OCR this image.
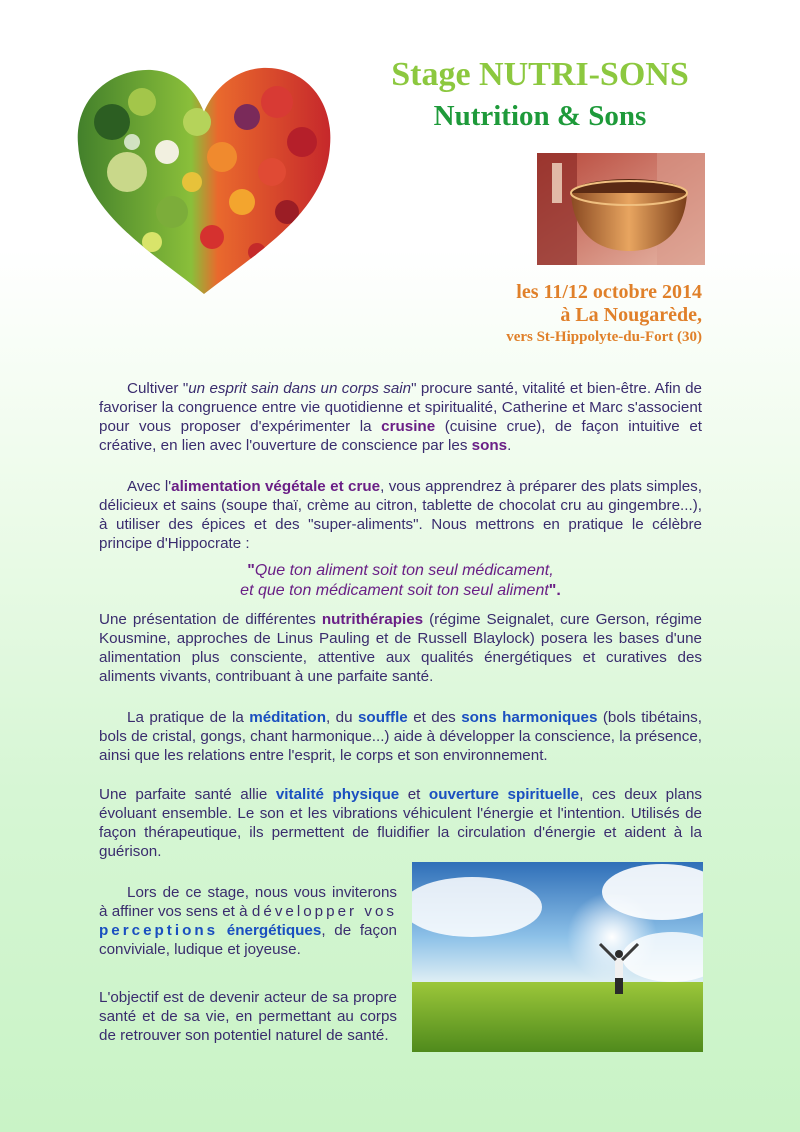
Stage NUTRI-SONS
Nutrition & Sons
les 11/12 octobre 2014
à La Nougarède,
vers St-Hippolyte-du-Fort (30)

Cultiver "un esprit sain dans un corps sain" procure santé, vitalité et bien-être. Afin de favoriser la congruence entre vie quotidienne et spiritualité, Catherine et Marc s'associent pour vous proposer d'expérimenter la crusine (cuisine crue), de façon intuitive et créative, en lien avec l'ouverture de conscience par les sons.

Avec l'alimentation végétale et crue, vous apprendrez à préparer des plats simples, délicieux et sains (soupe thaï, crème au citron, tablette de chocolat cru au gingembre...), à utiliser des épices et des "super-aliments". Nous mettrons en pratique le célèbre principe d'Hippocrate :

"Que ton aliment soit ton seul médicament,
et que ton médicament soit ton seul aliment".

Une présentation de différentes nutrithérapies (régime Seignalet, cure Gerson, régime Kousmine, approches de Linus Pauling et de Russell Blaylock) posera les bases d'une alimentation plus consciente, attentive aux qualités énergétiques et curatives des aliments vivants, contribuant à une parfaite santé.

La pratique de la méditation, du souffle et des sons harmoniques (bols tibétains, bols de cristal, gongs, chant harmonique...) aide à développer la conscience, la présence, ainsi que les relations entre l'esprit, le corps et son environnement.

Une parfaite santé allie vitalité physique et ouverture spirituelle, ces deux plans évoluant ensemble. Le son et les vibrations véhiculent l'énergie et l'intention. Utilisés de façon thérapeutique, ils permettent de fluidifier la circulation d'énergie et aident à la guérison.

Lors de ce stage, nous vous inviterons à affiner vos sens et à développer vos perceptions énergétiques, de façon conviviale, ludique et joyeuse.

L'objectif est de devenir acteur de sa propre santé et de sa vie, en permettant au corps de retrouver son potentiel naturel de santé.
